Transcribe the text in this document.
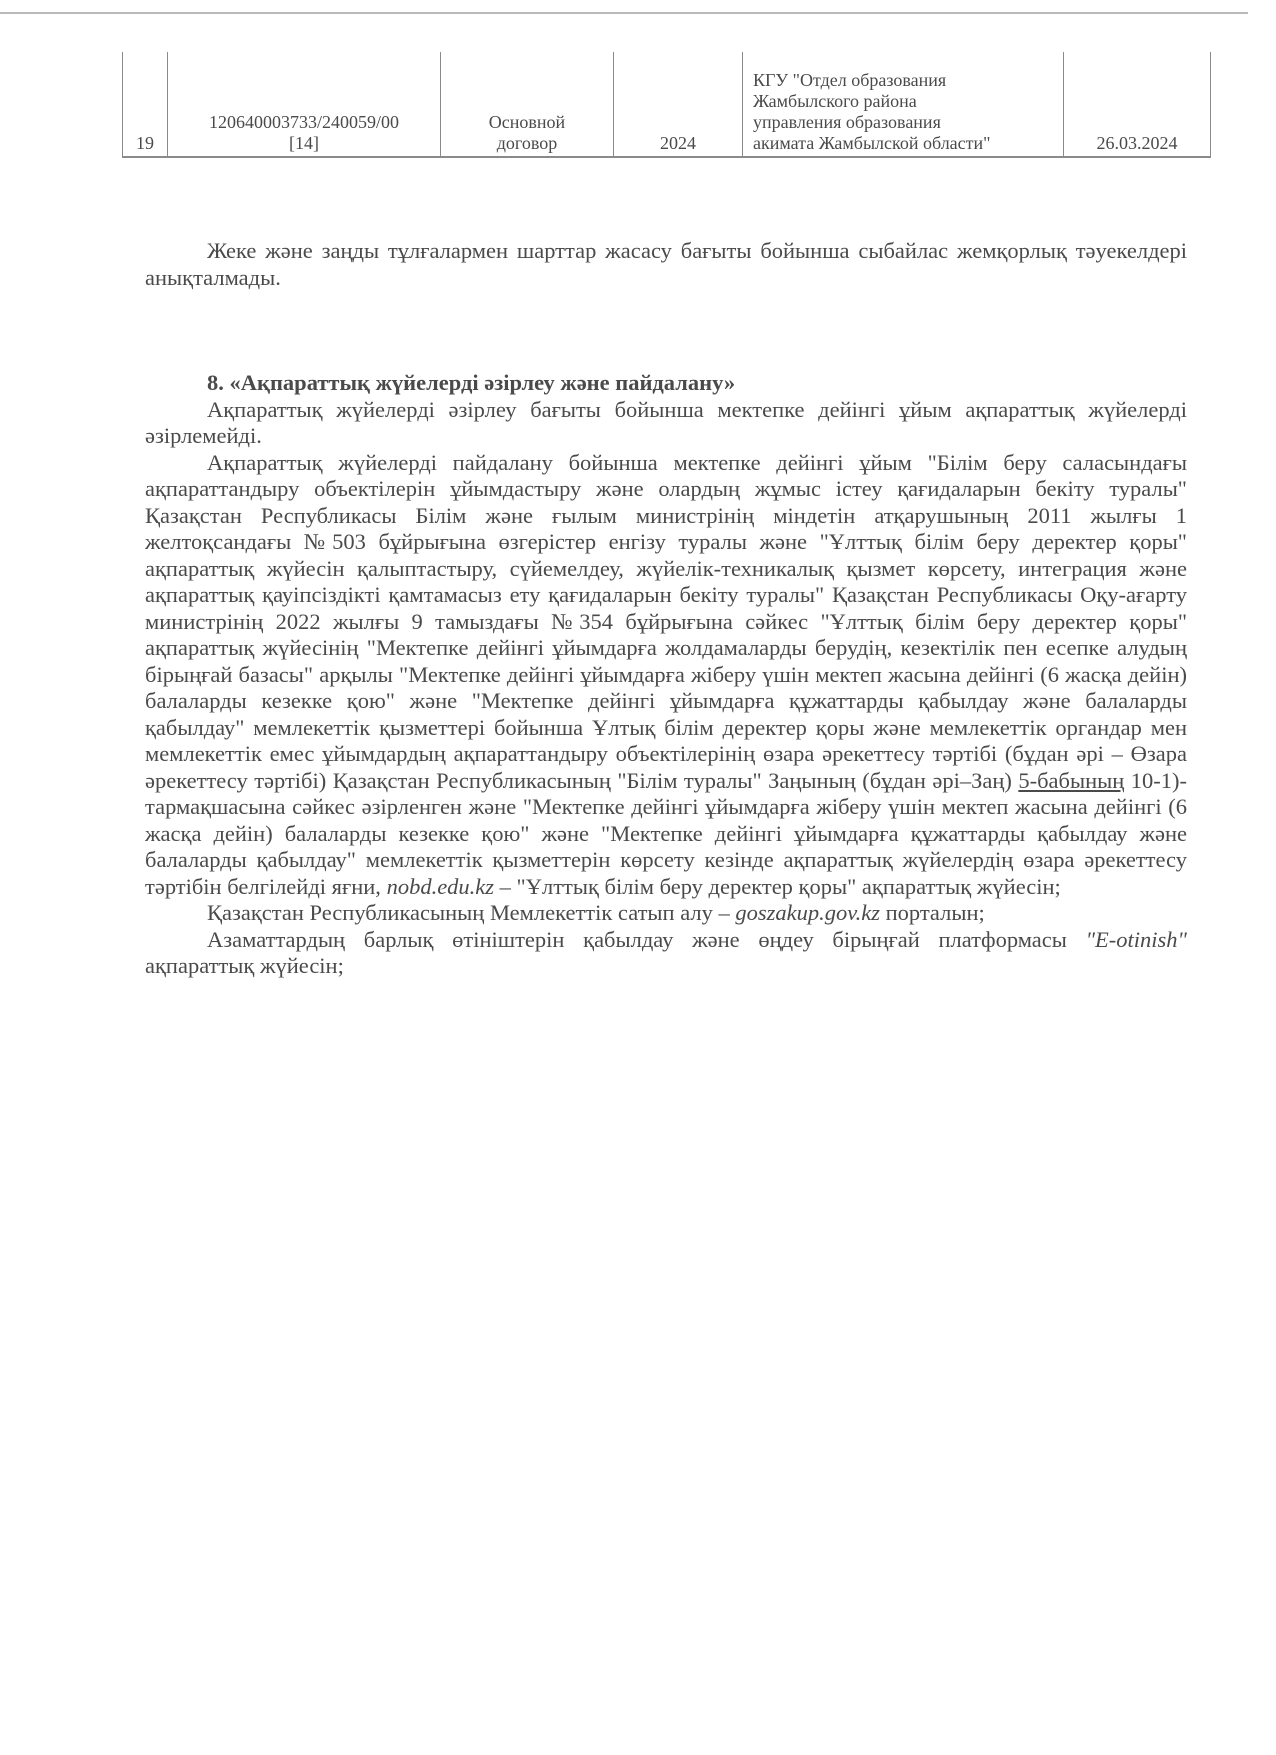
19
120640003733/240059/00
[14]
Основной
договор	2024
КГУ "Отдел образования
Жамбылского района
управления образования
акимата Жамбылской области"	26.03.2024

Жеке және заңды тұлғалармен шарттар жасасу бағыты бойынша сыбайлас жемқорлық тәуекелдері анықталмады.

8. «Ақпараттық жүйелерді әзірлеу және пайдалану»

Ақпараттық жүйелерді әзірлеу бағыты бойынша мектепке дейінгі ұйым ақпараттық жүйелерді әзірлемейді.

Ақпараттық жүйелерді пайдалану бойынша мектепке дейінгі ұйым "Білім беру саласындағы ақпараттандыру объектілерін ұйымдастыру және олардың жұмыс істеу қағидаларын бекіту туралы" Қазақстан Республикасы Білім және ғылым министрінің міндетін атқарушының 2011 жылғы 1 желтоқсандағы №503 бұйрығына өзгерістер енгізу туралы және "Ұлттық білім беру деректер қоры" ақпараттық жүйесін қалыптастыру, сүйемелдеу, жүйелік-техникалық қызмет көрсету, интеграция және ақпараттық қауіпсіздікті қамтамасыз ету қағидаларын бекіту туралы" Қазақстан Республикасы Оқу-ағарту министрінің 2022 жылғы 9 тамыздағы №354 бұйрығына сәйкес "Ұлттық білім беру деректер қоры" ақпараттық жүйесінің "Мектепке дейінгі ұйымдарға жолдамаларды берудің, кезектілік пен есепке алудың бірыңғай базасы" арқылы "Мектепке дейінгі ұйымдарға жіберу үшін мектеп жасына дейінгі (6 жасқа дейін) балаларды кезекке қою" және "Мектепке дейінгі ұйымдарға құжаттарды қабылдау және балаларды қабылдау" мемлекеттік қызметтері бойынша Ұлтық білім деректер қоры және мемлекеттік органдар мен мемлекеттік емес ұйымдардың ақпараттандыру объектілерінің өзара әрекеттесу тәртібі (бұдан әрі – Өзара әрекеттесу тәртібі) Қазақстан Республикасының "Білім туралы" Заңының (бұдан әрі–Заң) 5-бабының 10-1)-тармақшасына сәйкес әзірленген және "Мектепке дейінгі ұйымдарға жіберу үшін мектеп жасына дейінгі (6 жасқа дейін) балаларды кезекке қою" және "Мектепке дейінгі ұйымдарға құжаттарды қабылдау және балаларды қабылдау" мемлекеттік қызметтерін көрсету кезінде ақпараттық жүйелердің өзара әрекеттесу тәртібін белгілейді яғни, nobd.edu.kz – "Ұлттық білім беру деректер қоры" ақпараттық жүйесін;

Қазақстан Республикасының Мемлекеттік сатып алу – goszakup.gov.kz порталын;

Азаматтардың барлық өтініштерін қабылдау және өңдеу бірыңғай платформасы "E-otinish" ақпараттық жүйесін;
